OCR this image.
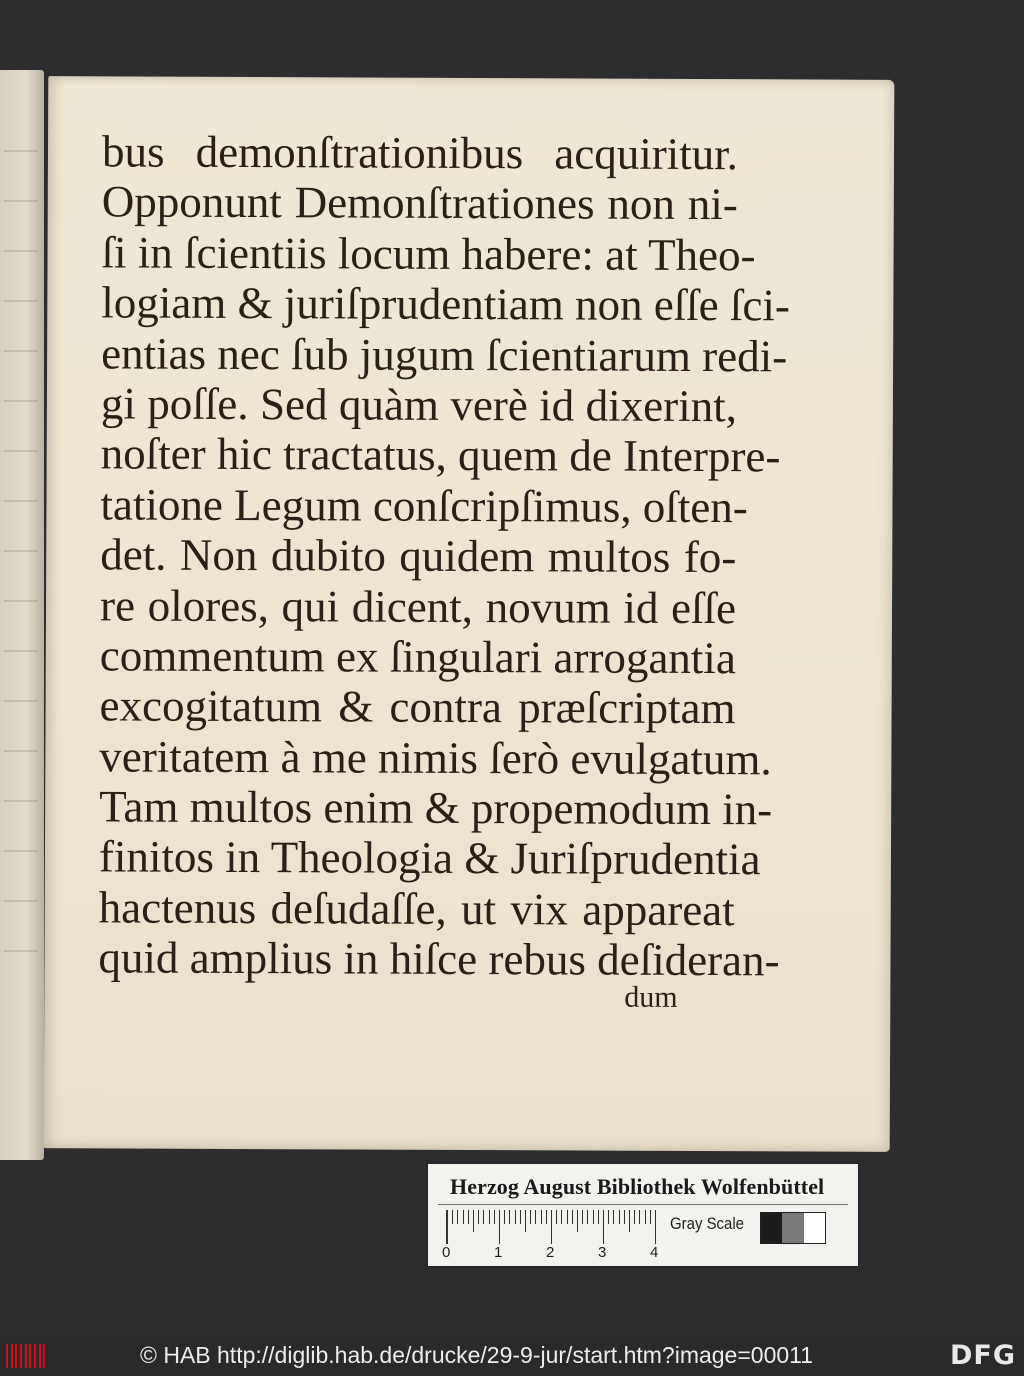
bus demonſtrationibus acquiritur.
Opponunt Demonſtrationes non ni-
ſi in ſcientiis locum habere: at Theo-
logiam & juriſprudentiam non eſſe ſci-
entias nec ſub jugum ſcientiarum redi-
gi poſſe. Sed quàm verè id dixerint,
noſter hic tractatus, quem de Interpre-
tatione Legum conſcripſimus, oſten-
det. Non dubito quidem multos fo-
re olores, qui dicent, novum id eſſe
commentum ex ſingulari arrogantia
excogitatum & contra præſcriptam
veritatem à me nimis ſerò evulgatum.
Tam multos enim & propemodum in-
finitos in Theologia & Juriſprudentia
hactenus deſudaſſe, ut vix appareat
quid amplius in hiſce rebus deſideran-
dum
Herzog August Bibliothek Wolfenbüttel
0	1	2	3	4
Gray Scale
© HAB http://diglib.hab.de/drucke/29-9-jur/start.htm?image=00011	DFG
